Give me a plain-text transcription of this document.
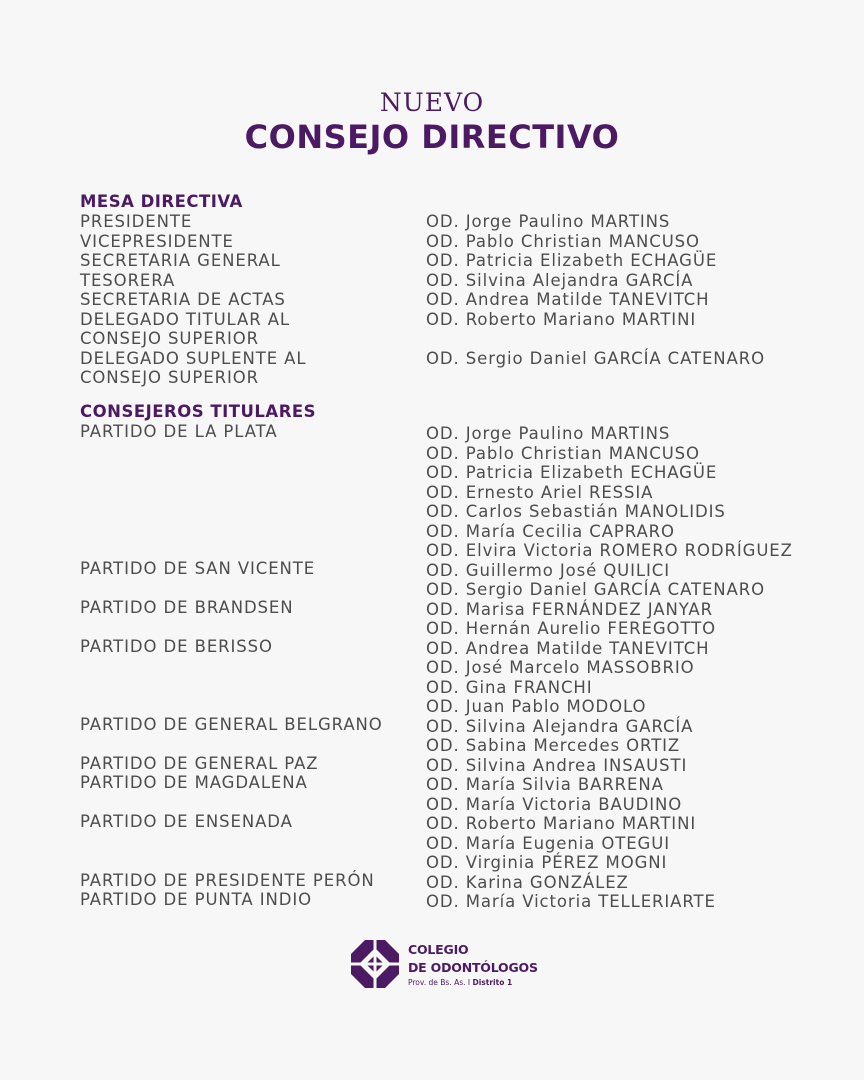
NUEVO
CONSEJO DIRECTIVO
MESA DIRECTIVA
PRESIDENTE	OD. Jorge Paulino MARTINS
VICEPRESIDENTE	OD. Pablo Christian MANCUSO
SECRETARIA GENERAL	OD. Patricia Elizabeth ECHAGÜE
TESORERA	OD. Silvina Alejandra GARCÍA
SECRETARIA DE ACTAS	OD. Andrea Matilde TANEVITCH
DELEGADO TITULAR AL
CONSEJO SUPERIOR
OD. Roberto Mariano MARTINI
DELEGADO SUPLENTE AL
CONSEJO SUPERIOR
OD. Sergio Daniel GARCÍA CATENARO
CONSEJEROS TITULARES
PARTIDO DE LA PLATA	OD. Jorge Paulino MARTINS
OD. Pablo Christian MANCUSO
OD. Patricia Elizabeth ECHAGÜE
OD. Ernesto Ariel RESSIA
OD. Carlos Sebastián MANOLIDIS
OD. María Cecilia CAPRARO
OD. Elvira Victoria ROMERO RODRÍGUEZ
PARTIDO DE SAN VICENTE	OD. Guillermo José QUILICI
OD. Sergio Daniel GARCÍA CATENARO
PARTIDO DE BRANDSEN	OD. Marisa FERNÁNDEZ JANYAR
OD. Hernán Aurelio FEREGOTTO
PARTIDO DE BERISSO	OD. Andrea Matilde TANEVITCH
OD. José Marcelo MASSOBRIO
OD. Gina FRANCHI
OD. Juan Pablo MODOLO
PARTIDO DE GENERAL BELGRANO	OD. Silvina Alejandra GARCÍA
OD. Sabina Mercedes ORTIZ
PARTIDO DE GENERAL PAZ	OD. Silvina Andrea INSAUSTI
PARTIDO DE MAGDALENA	OD. María Silvia BARRENA
OD. María Victoria BAUDINO
PARTIDO DE ENSENADA	OD. Roberto Mariano MARTINI
OD. María Eugenia OTEGUI
OD. Virginia PÉREZ MOGNI
PARTIDO DE PRESIDENTE PERÓN	OD. Karina GONZÁLEZ
PARTIDO DE PUNTA INDIO	OD. María Victoria TELLERIARTE
COLEGIO
DE ODONTÓLOGOS
Prov. de Bs. As. I Distrito 1
